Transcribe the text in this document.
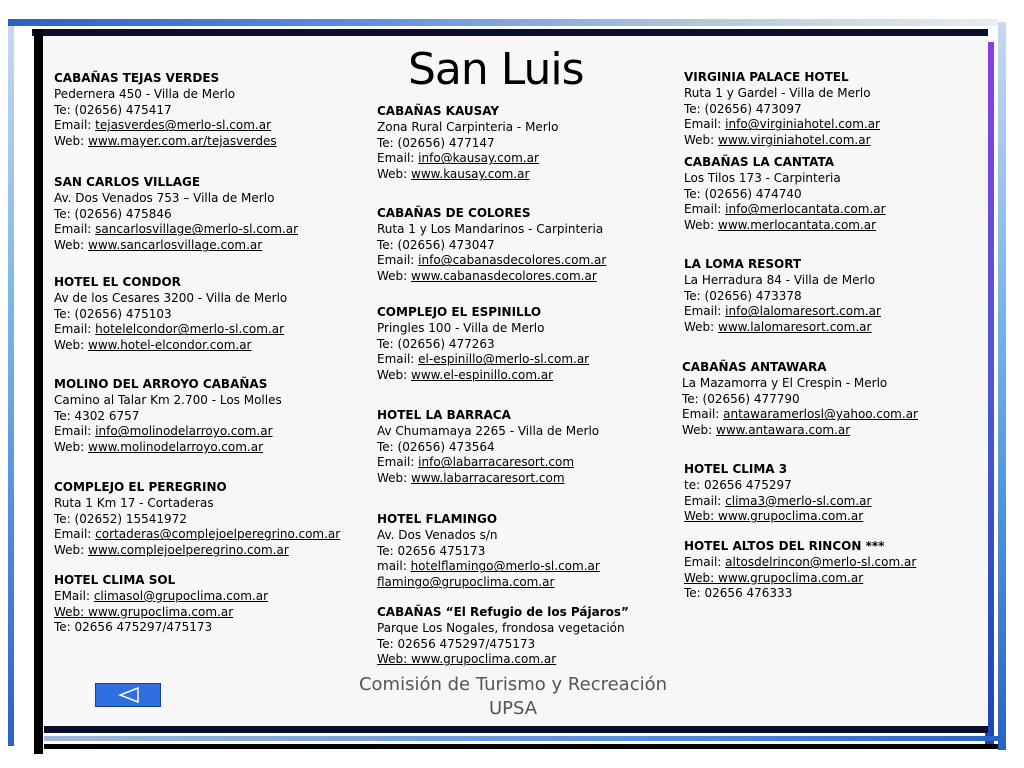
San Luis
CABAÑAS TEJAS VERDES
Pedernera 450 - Villa de Merlo
Te: (02656) 475417
Email: tejasverdes@merlo-sl.com.ar
Web: www.mayer.com.ar/tejasverdes
SAN CARLOS VILLAGE
Av. Dos Venados 753 – Villa de Merlo
Te: (02656) 475846
Email: sancarlosvillage@merlo-sl.com.ar
Web: www.sancarlosvillage.com.ar
HOTEL EL CONDOR
Av de los Cesares 3200 - Villa de Merlo
Te: (02656) 475103
Email: hotelelcondor@merlo-sl.com.ar
Web: www.hotel-elcondor.com.ar
MOLINO DEL ARROYO CABAÑAS
Camino al Talar Km 2.700 - Los Molles
Te: 4302 6757
Email: info@molinodelarroyo.com.ar
Web: www.molinodelarroyo.com.ar
COMPLEJO EL PEREGRINO
Ruta 1 Km 17 - Cortaderas
Te: (02652) 15541972
Email: cortaderas@complejoelperegrino.com.ar
Web: www.complejoelperegrino.com.ar
HOTEL CLIMA SOL
EMail: climasol@grupoclima.com.ar
Web: www.grupoclima.com.ar
Te: 02656 475297/475173
CABAÑAS KAUSAY
Zona Rural Carpinteria - Merlo
Te: (02656) 477147
Email: info@kausay.com.ar
Web: www.kausay.com.ar
CABAÑAS DE COLORES
Ruta 1 y Los Mandarinos - Carpinteria
Te: (02656) 473047
Email: info@cabanasdecolores.com.ar
Web: www.cabanasdecolores.com.ar
COMPLEJO EL ESPINILLO
Pringles 100 - Villa de Merlo
Te: (02656) 477263
Email: el-espinillo@merlo-sl.com.ar
Web: www.el-espinillo.com.ar
HOTEL LA BARRACA
Av Chumamaya 2265 - Villa de Merlo
Te: (02656) 473564
Email: info@labarracaresort.com
Web: www.labarracaresort.com
HOTEL FLAMINGO
Av. Dos Venados s/n
Te: 02656 475173
mail: hotelflamingo@merlo-sl.com.ar
flamingo@grupoclima.com.ar
CABAÑAS “El Refugio de los Pájaros”
Parque Los Nogales, frondosa vegetación
Te: 02656 475297/475173
Web: www.grupoclima.com.ar
VIRGINIA PALACE HOTEL
Ruta 1 y Gardel - Villa de Merlo
Te: (02656) 473097
Email: info@virginiahotel.com.ar
Web: www.virginiahotel.com.ar
CABAÑAS LA CANTATA
Los Tilos 173 - Carpinteria
Te: (02656) 474740
Email: info@merlocantata.com.ar
Web: www.merlocantata.com.ar
LA LOMA RESORT
La Herradura 84 - Villa de Merlo
Te: (02656) 473378
Email: info@lalomaresort.com.ar
Web: www.lalomaresort.com.ar
CABAÑAS ANTAWARA
La Mazamorra y El Crespin - Merlo
Te: (02656) 477790
Email: antawaramerlosl@yahoo.com.ar
Web: www.antawara.com.ar
HOTEL CLIMA 3
te: 02656 475297
Email: clima3@merlo-sl.com.ar
Web: www.grupoclima.com.ar
HOTEL ALTOS DEL RINCON ***
Email: altosdelrincon@merlo-sl.com.ar
Web: www.grupoclima.com.ar
Te: 02656 476333
Comisión de Turismo y Recreación
UPSA
